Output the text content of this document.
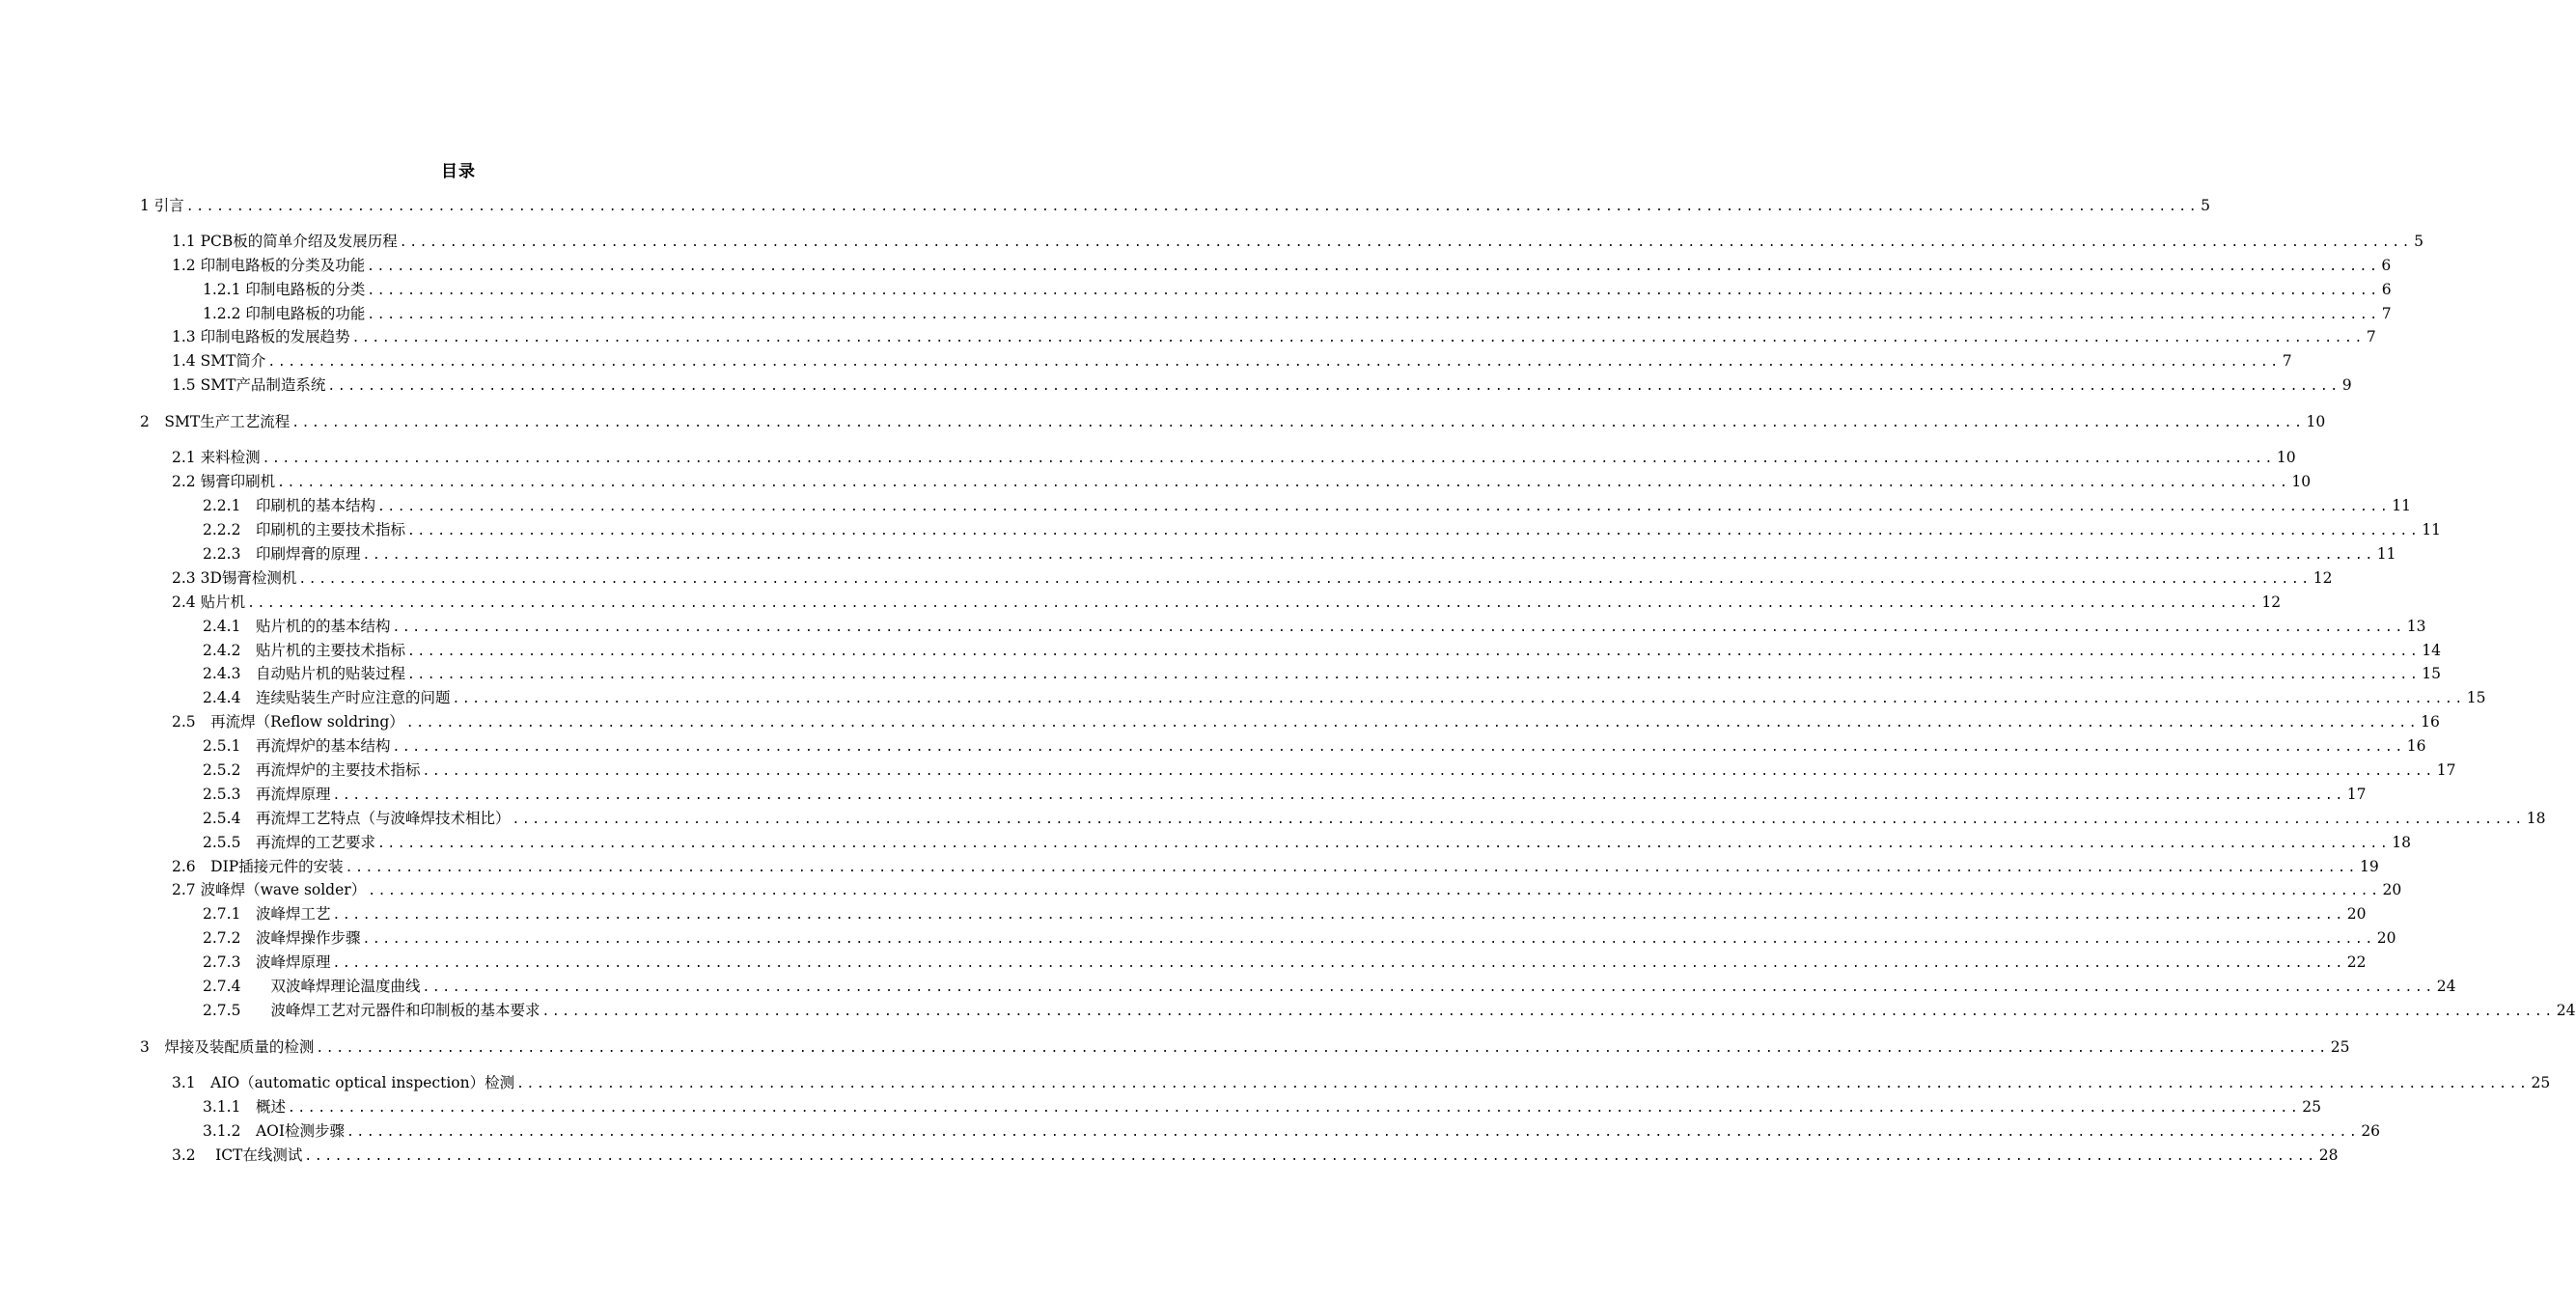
目录
1 引言 ........................................................................................................................................................................................................ 5
1.1 PCB板的简单介绍及发展历程 ........................................................................................................................................................................................................ 5
1.2 印制电路板的分类及功能 ........................................................................................................................................................................................................ 6
1.2.1 印制电路板的分类 ........................................................................................................................................................................................................ 6
1.2.2 印制电路板的功能 ........................................................................................................................................................................................................ 7
1.3 印制电路板的发展趋势 ........................................................................................................................................................................................................ 7
1.4 SMT简介 ........................................................................................................................................................................................................ 7
1.5 SMT产品制造系统 ........................................................................................................................................................................................................ 9
2　SMT生产工艺流程 ........................................................................................................................................................................................................ 10
2.1 来料检测 ........................................................................................................................................................................................................ 10
2.2 锡膏印刷机 ........................................................................................................................................................................................................ 10
2.2.1　印刷机的基本结构 ........................................................................................................................................................................................................ 11
2.2.2　印刷机的主要技术指标 ........................................................................................................................................................................................................ 11
2.2.3　印刷焊膏的原理 ........................................................................................................................................................................................................ 11
2.3 3D锡膏检测机 ........................................................................................................................................................................................................ 12
2.4 贴片机 ........................................................................................................................................................................................................ 12
2.4.1　贴片机的的基本结构 ........................................................................................................................................................................................................ 13
2.4.2　贴片机的主要技术指标 ........................................................................................................................................................................................................ 14
2.4.3　自动贴片机的贴装过程 ........................................................................................................................................................................................................ 15
2.4.4　连续贴装生产时应注意的问题 ........................................................................................................................................................................................................ 15
2.5　再流焊（Reflow soldring） ........................................................................................................................................................................................................ 16
2.5.1　再流焊炉的基本结构 ........................................................................................................................................................................................................ 16
2.5.2　再流焊炉的主要技术指标 ........................................................................................................................................................................................................ 17
2.5.3　再流焊原理 ........................................................................................................................................................................................................ 17
2.5.4　再流焊工艺特点（与波峰焊技术相比） ........................................................................................................................................................................................................ 18
2.5.5　再流焊的工艺要求 ........................................................................................................................................................................................................ 18
2.6　DIP插接元件的安装 ........................................................................................................................................................................................................ 19
2.7 波峰焊（wave solder） ........................................................................................................................................................................................................ 20
2.7.1　波峰焊工艺 ........................................................................................................................................................................................................ 20
2.7.2　波峰焊操作步骤 ........................................................................................................................................................................................................ 20
2.7.3　波峰焊原理 ........................................................................................................................................................................................................ 22
2.7.4　　双波峰焊理论温度曲线 ........................................................................................................................................................................................................ 24
2.7.5　　波峰焊工艺对元器件和印制板的基本要求 ........................................................................................................................................................................................................ 24
3　焊接及装配质量的检测 ........................................................................................................................................................................................................ 25
3.1　AIO（automatic optical inspection）检测 ........................................................................................................................................................................................................ 25
3.1.1　概述 ........................................................................................................................................................................................................ 25
3.1.2　AOI检测步骤 ........................................................................................................................................................................................................ 26
3.2　 ICT在线测试 ........................................................................................................................................................................................................ 28
